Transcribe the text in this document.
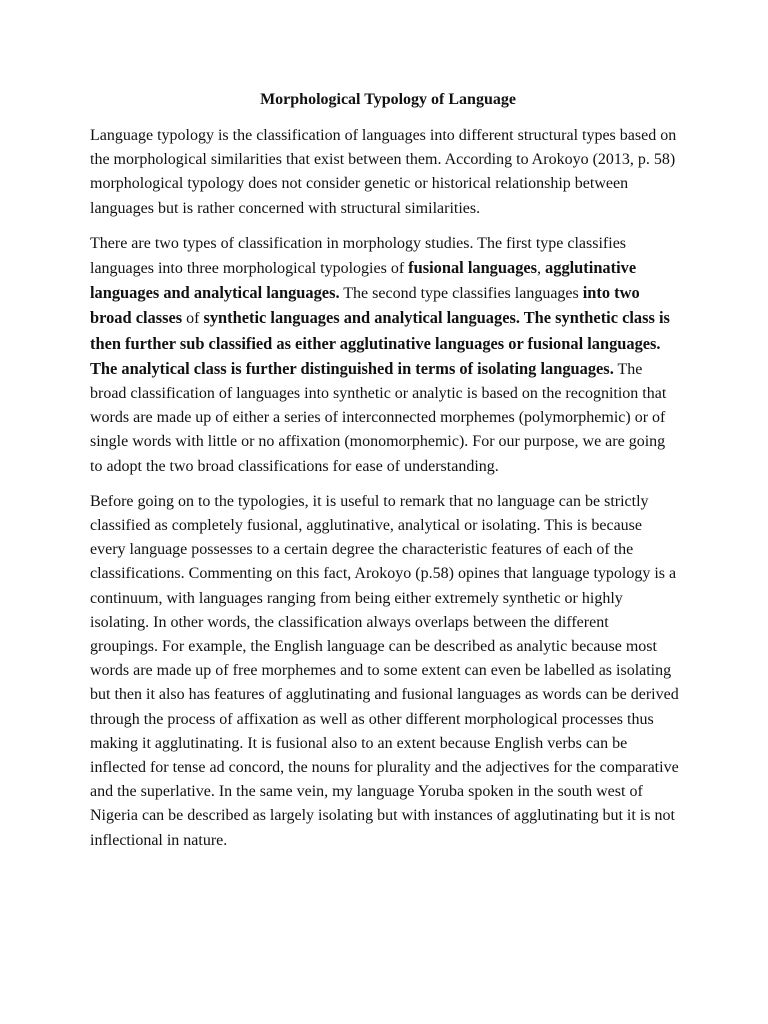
Morphological Typology of Language

Language typology is the classification of languages into different structural types based on the morphological similarities that exist between them. According to Arokoyo (2013, p. 58) morphological typology does not consider genetic or historical relationship between languages but is rather concerned with structural similarities.

There are two types of classification in morphology studies. The first type classifies languages into three morphological typologies of fusional languages, agglutinative languages and analytical languages. The second type classifies languages into two broad classes of synthetic languages and analytical languages. The synthetic class is then further sub classified as either agglutinative languages or fusional languages. The analytical class is further distinguished in terms of isolating languages. The broad classification of languages into synthetic or analytic is based on the recognition that words are made up of either a series of interconnected morphemes (polymorphemic) or of single words with little or no affixation (monomorphemic). For our purpose, we are going to adopt the two broad classifications for ease of understanding.

Before going on to the typologies, it is useful to remark that no language can be strictly classified as completely fusional, agglutinative, analytical or isolating. This is because every language possesses to a certain degree the characteristic features of each of the classifications. Commenting on this fact, Arokoyo (p.58) opines that language typology is a continuum, with languages ranging from being either extremely synthetic or highly isolating. In other words, the classification always overlaps between the different groupings. For example, the English language can be described as analytic because most words are made up of free morphemes and to some extent can even be labelled as isolating but then it also has features of agglutinating and fusional languages as words can be derived through the process of affixation as well as other different morphological processes thus making it agglutinating. It is fusional also to an extent because English verbs can be inflected for tense ad concord, the nouns for plurality and the adjectives for the comparative and the superlative. In the same vein, my language Yoruba spoken in the south west of Nigeria can be described as largely isolating but with instances of agglutinating but it is not inflectional in nature.
